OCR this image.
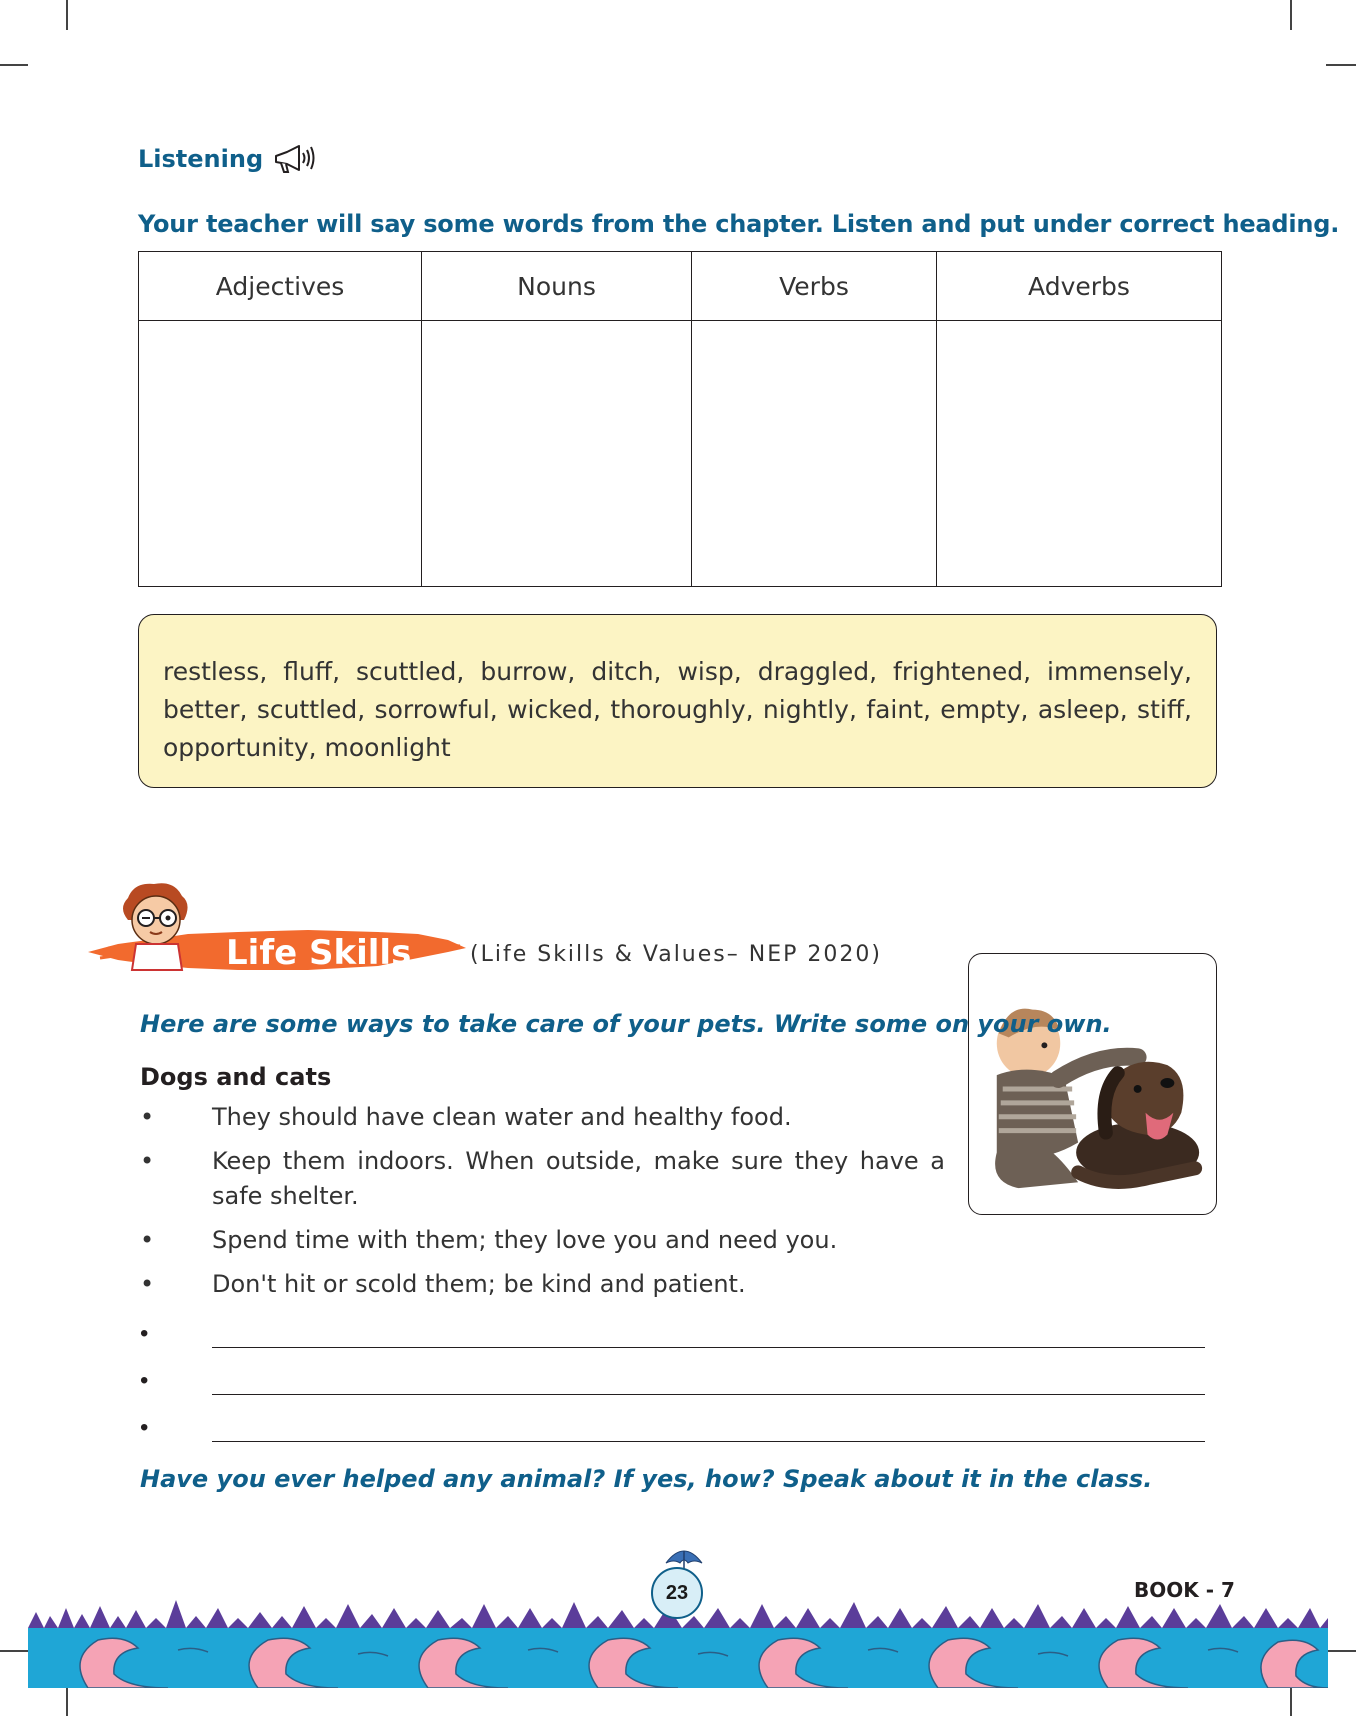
Listening
Your teacher will say some words from the chapter. Listen and put under correct heading.
Adjectives	Nouns	Verbs	Adverbs

restless, fluff, scuttled, burrow, ditch, wisp, draggled, frightened, immensely, better, scuttled, sorrowful, wicked, thoroughly, nightly, faint, empty, asleep, stiff, opportunity, moonlight
Life Skills	(Life Skills & Values– NEP 2020)
Here are some ways to take care of your pets. Write some on your own.
Dogs and cats
• They should have clean water and healthy food.
• Keep them indoors. When outside, make sure they have a safe shelter.
• Spend time with them; they love you and need you.
• Don't hit or scold them; be kind and patient.
•
•
•
Have you ever helped any animal? If yes, how? Speak about it in the class.
23	BOOK - 7
